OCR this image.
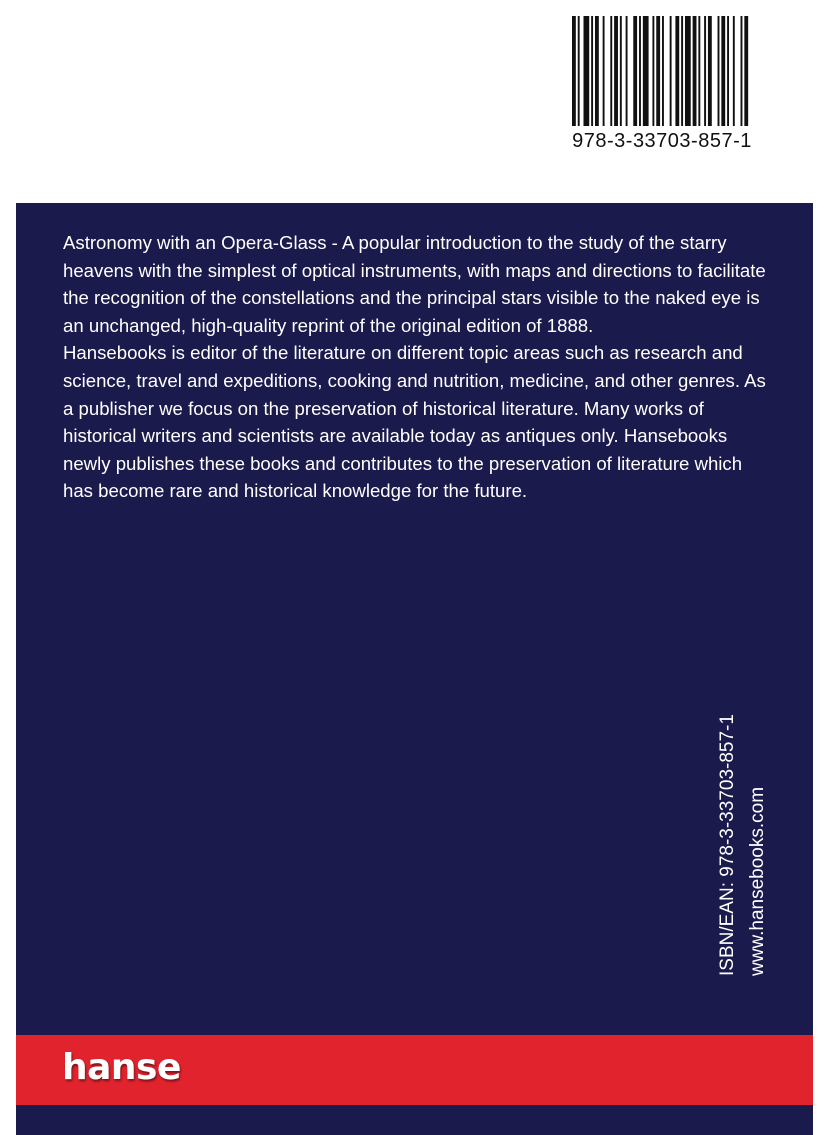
978-3-33703-857-1

Astronomy with an Opera-Glass - A popular introduction to the study of the starry heavens with the simplest of optical instruments, with maps and directions to facilitate the recognition of the constellations and the principal stars visible to the naked eye is an unchanged, high-quality reprint of the original edition of 1888.

Hansebooks is editor of the literature on different topic areas such as research and science, travel and expeditions, cooking and nutrition, medicine, and other genres. As a publisher we focus on the preservation of historical literature. Many works of historical writers and scientists are available today as antiques only. Hansebooks newly publishes these books and contributes to the preservation of literature which has become rare and historical knowledge for the future.

ISBN/EAN: 978-3-33703-857-1 www.hansebooks.com
hanse
